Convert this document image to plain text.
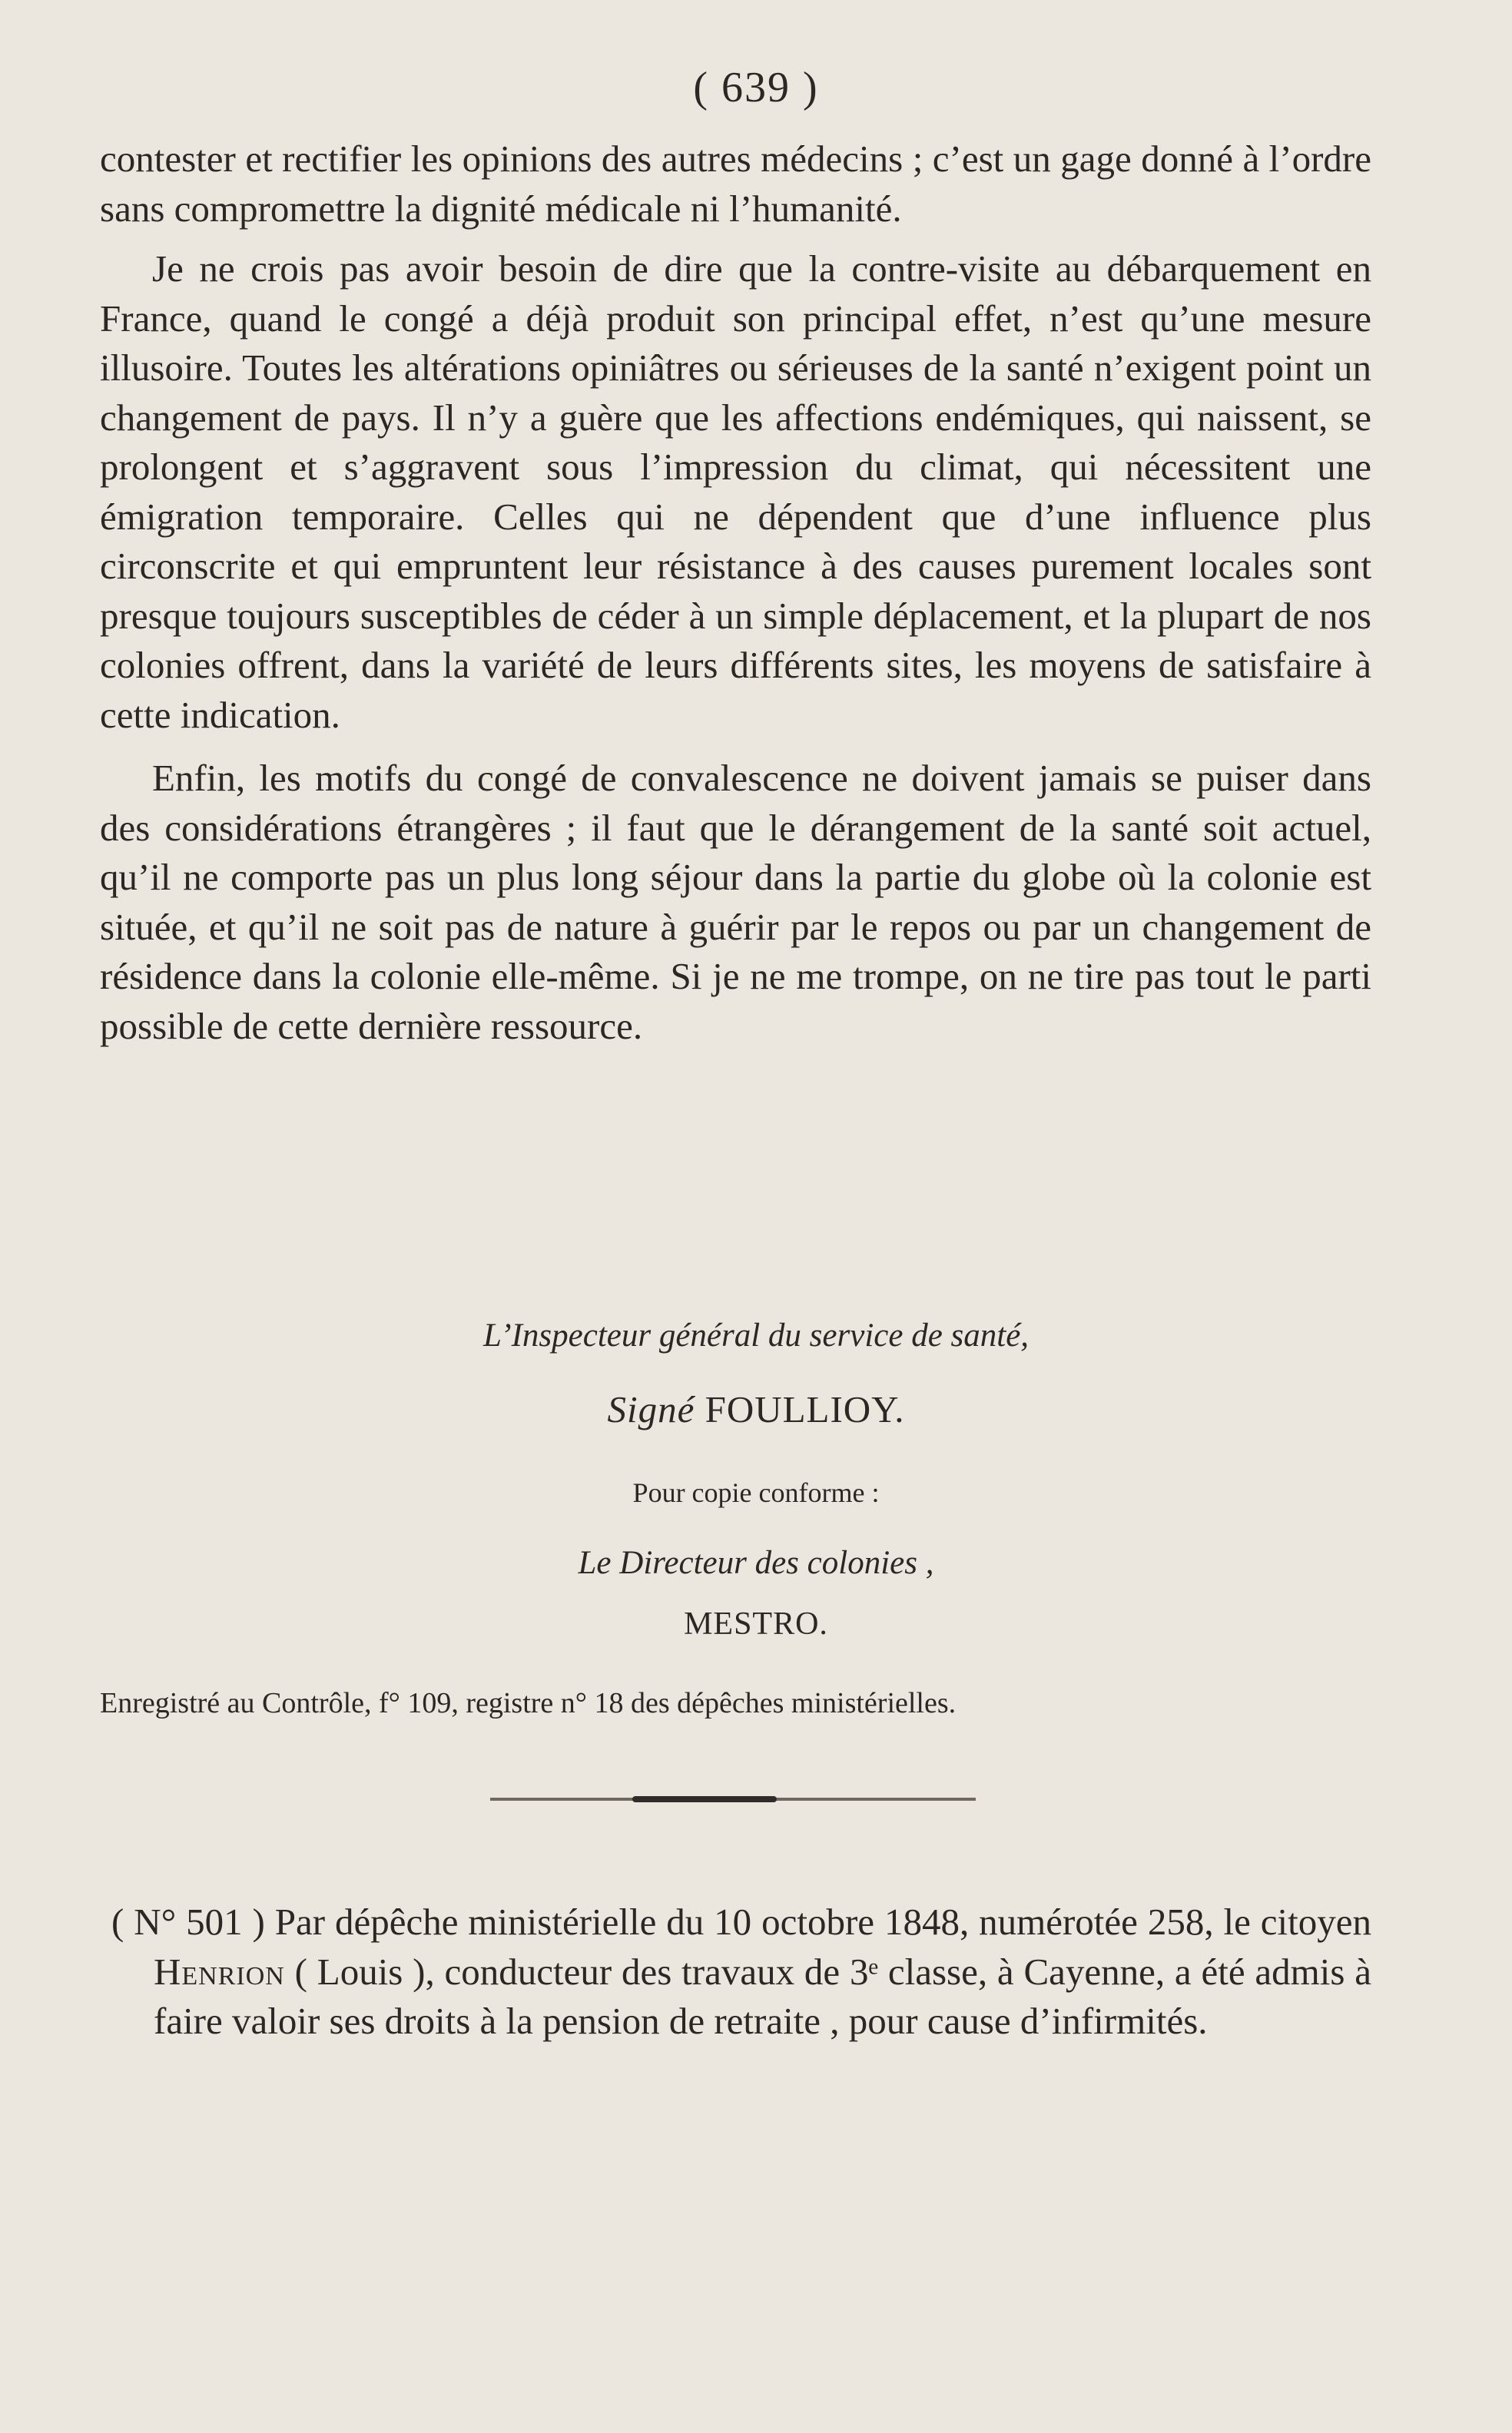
( 639 )

contester et rectifier les opinions des autres médecins ; c’est un gage donné à l’ordre sans compromettre la dignité médicale ni l’humanité.

Je ne crois pas avoir besoin de dire que la contre-visite au débarquement en France, quand le congé a déjà produit son principal effet, n’est qu’une mesure illusoire. Toutes les altérations opiniâtres ou sérieuses de la santé n’exigent point un changement de pays. Il n’y a guère que les affections endémiques, qui naissent, se prolongent et s’aggravent sous l’impression du climat, qui nécessitent une émigration temporaire. Celles qui ne dépendent que d’une influence plus circonscrite et qui empruntent leur résistance à des causes purement locales sont presque toujours susceptibles de céder à un simple déplacement, et la plupart de nos colonies offrent, dans la variété de leurs différents sites, les moyens de satisfaire à cette indication.

Enfin, les motifs du congé de convalescence ne doivent jamais se puiser dans des considérations étrangères ; il faut que le dérangement de la santé soit actuel, qu’il ne comporte pas un plus long séjour dans la partie du globe où la colonie est située, et qu’il ne soit pas de nature à guérir par le repos ou par un changement de résidence dans la colonie elle-même. Si je ne me trompe, on ne tire pas tout le parti possible de cette dernière ressource.

L’Inspecteur général du service de santé,
Signé FOULLIOY.
Pour copie conforme :
Le Directeur des colonies ,
MESTRO.
Enregistré au Contrôle, f° 109, registre n° 18 des dépêches ministérielles.

( N° 501 ) Par dépêche ministérielle du 10 octobre 1848, numérotée 258, le citoyen Henrion ( Louis ), conducteur des travaux de 3ᵉ classe, à Cayenne, a été admis à faire valoir ses droits à la pension de retraite , pour cause d’infirmités.
